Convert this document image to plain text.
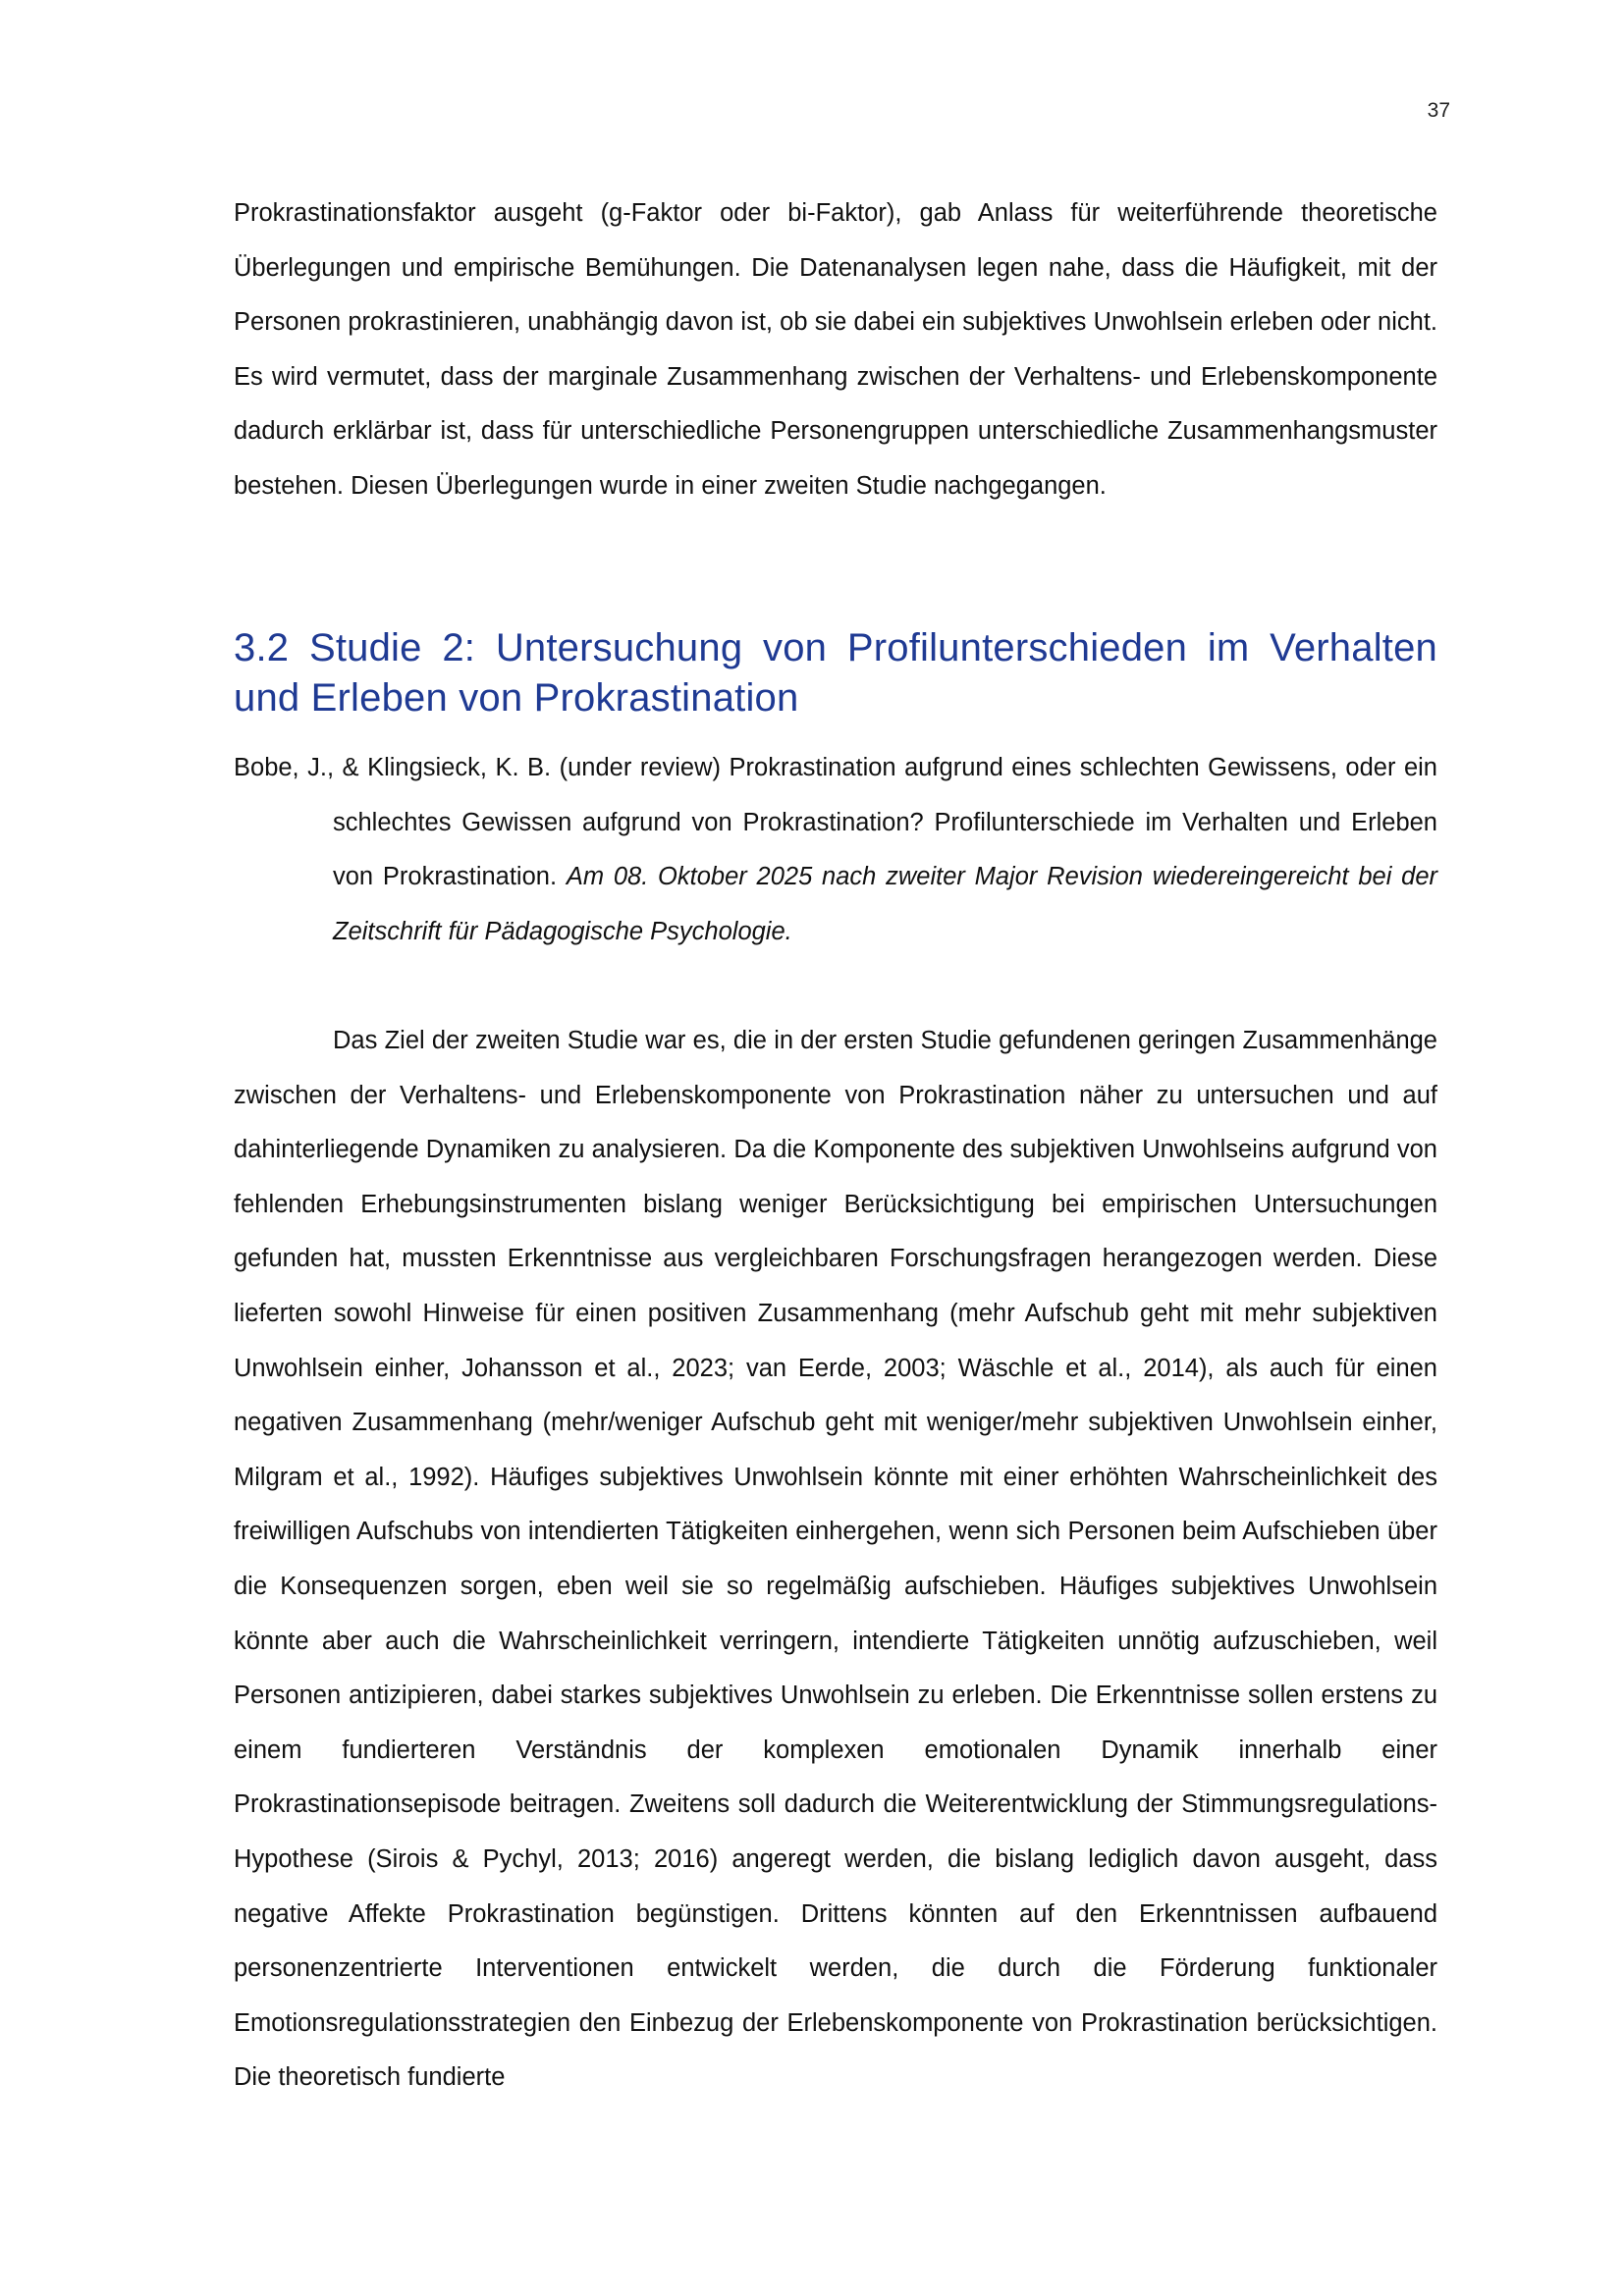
37

Prokrastinationsfaktor ausgeht (g-Faktor oder bi-Faktor), gab Anlass für weiterführende theoretische Überlegungen und empirische Bemühungen. Die Datenanalysen legen nahe, dass die Häufigkeit, mit der Personen prokrastinieren, unabhängig davon ist, ob sie dabei ein subjektives Unwohlsein erleben oder nicht. Es wird vermutet, dass der marginale Zusammenhang zwischen der Verhaltens- und Erlebenskomponente dadurch erklärbar ist, dass für unterschiedliche Personengruppen unterschiedliche Zusammenhangsmuster bestehen. Diesen Überlegungen wurde in einer zweiten Studie nachgegangen.

3.2 Studie 2: Untersuchung von Profilunterschieden im Verhalten und Erleben von Prokrastination

Bobe, J., & Klingsieck, K. B. (under review) Prokrastination aufgrund eines schlechten Gewissens, oder ein schlechtes Gewissen aufgrund von Prokrastination? Profilunterschiede im Verhalten und Erleben von Prokrastination. Am 08. Oktober 2025 nach zweiter Major Revision wiedereingereicht bei der Zeitschrift für Pädagogische Psychologie.

Das Ziel der zweiten Studie war es, die in der ersten Studie gefundenen geringen Zusammenhänge zwischen der Verhaltens- und Erlebenskomponente von Prokrastination näher zu untersuchen und auf dahinterliegende Dynamiken zu analysieren. Da die Komponente des subjektiven Unwohlseins aufgrund von fehlenden Erhebungsinstrumenten bislang weniger Berücksichtigung bei empirischen Untersuchungen gefunden hat, mussten Erkenntnisse aus vergleichbaren Forschungsfragen herangezogen werden. Diese lieferten sowohl Hinweise für einen positiven Zusammenhang (mehr Aufschub geht mit mehr subjektiven Unwohlsein einher, Johansson et al., 2023; van Eerde, 2003; Wäschle et al., 2014), als auch für einen negativen Zusammenhang (mehr/weniger Aufschub geht mit weniger/mehr subjektiven Unwohlsein einher, Milgram et al., 1992). Häufiges subjektives Unwohlsein könnte mit einer erhöhten Wahrscheinlichkeit des freiwilligen Aufschubs von intendierten Tätigkeiten einhergehen, wenn sich Personen beim Aufschieben über die Konsequenzen sorgen, eben weil sie so regelmäßig aufschieben. Häufiges subjektives Unwohlsein könnte aber auch die Wahrscheinlichkeit verringern, intendierte Tätigkeiten unnötig aufzuschieben, weil Personen antizipieren, dabei starkes subjektives Unwohlsein zu erleben. Die Erkenntnisse sollen erstens zu einem fundierteren Verständnis der komplexen emotionalen Dynamik innerhalb einer Prokrastinationsepisode beitragen. Zweitens soll dadurch die Weiterentwicklung der Stimmungsregulations-Hypothese (Sirois & Pychyl, 2013; 2016) angeregt werden, die bislang lediglich davon ausgeht, dass negative Affekte Prokrastination begünstigen. Drittens könnten auf den Erkenntnissen aufbauend personenzentrierte Interventionen entwickelt werden, die durch die Förderung funktionaler Emotionsregulationsstrategien den Einbezug der Erlebenskomponente von Prokrastination berücksichtigen. Die theoretisch fundierte
